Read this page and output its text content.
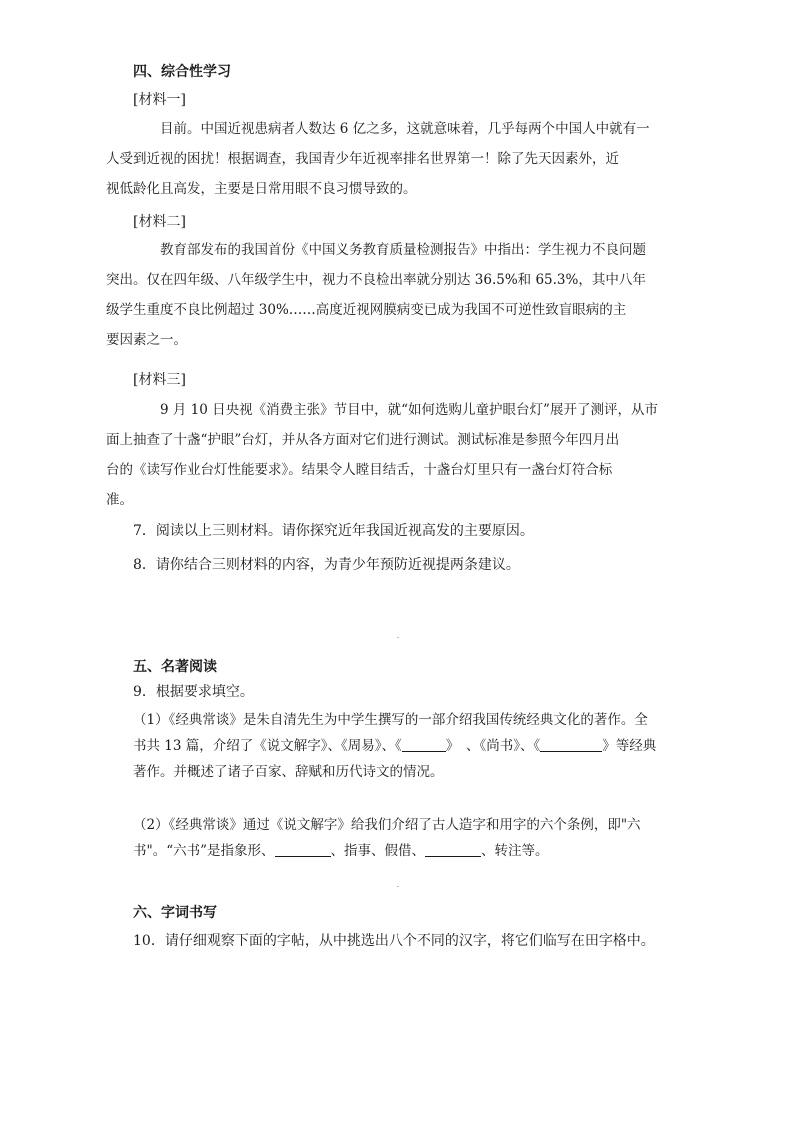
四、综合性学习
[材料一]
目前。中国近视患病者人数达 6 亿之多，这就意味着，几乎每两个中国人中就有一
人受到近视的困扰！根据调查，我国青少年近视率排名世界第一！除了先天因素外，近
视低龄化且高发，主要是日常用眼不良习惯导致的。
[材料二]
教育部发布的我国首份《中国义务教育质量检测报告》中指出：学生视力不良问题
突出。仅在四年级、八年级学生中，视力不良检出率就分别达 36.5%和 65.3%，其中八年
级学生重度不良比例超过 30%……高度近视网膜病变已成为我国不可逆性致盲眼病的主
要因素之一。
[材料三]
9 月 10 日央视《消费主张》节目中，就“如何选购儿童护眼台灯”展开了测评，从市
面上抽查了十盏“护眼”台灯，并从各方面对它们进行测试。测试标准是参照今年四月出
台的《读写作业台灯性能要求》。结果令人瞠目结舌，十盏台灯里只有一盏台灯符合标
准。
7．阅读以上三则材料。请你探究近年我国近视高发的主要原因。
8．请你结合三则材料的内容，为青少年预防近视提两条建议。
五、名著阅读
9．根据要求填空。
（1）《经典常谈》是朱自清先生为中学生撰写的一部介绍我国传统经典文化的著作。全
书共 13 篇，介绍了《说文解字》、《周易》、《	》　、《尚书》、《	》等经典
著作。并概述了诸子百家、辞赋和历代诗文的情况。
（2）《经典常谈》通过《说文解字》给我们介绍了古人造字和用字的六个条例，即"六
书"。“六书”是指象形、	、指事、假借、	、转注等。
六、字词书写
10．请仔细观察下面的字帖，从中挑选出八个不同的汉字，将它们临写在田字格中。
